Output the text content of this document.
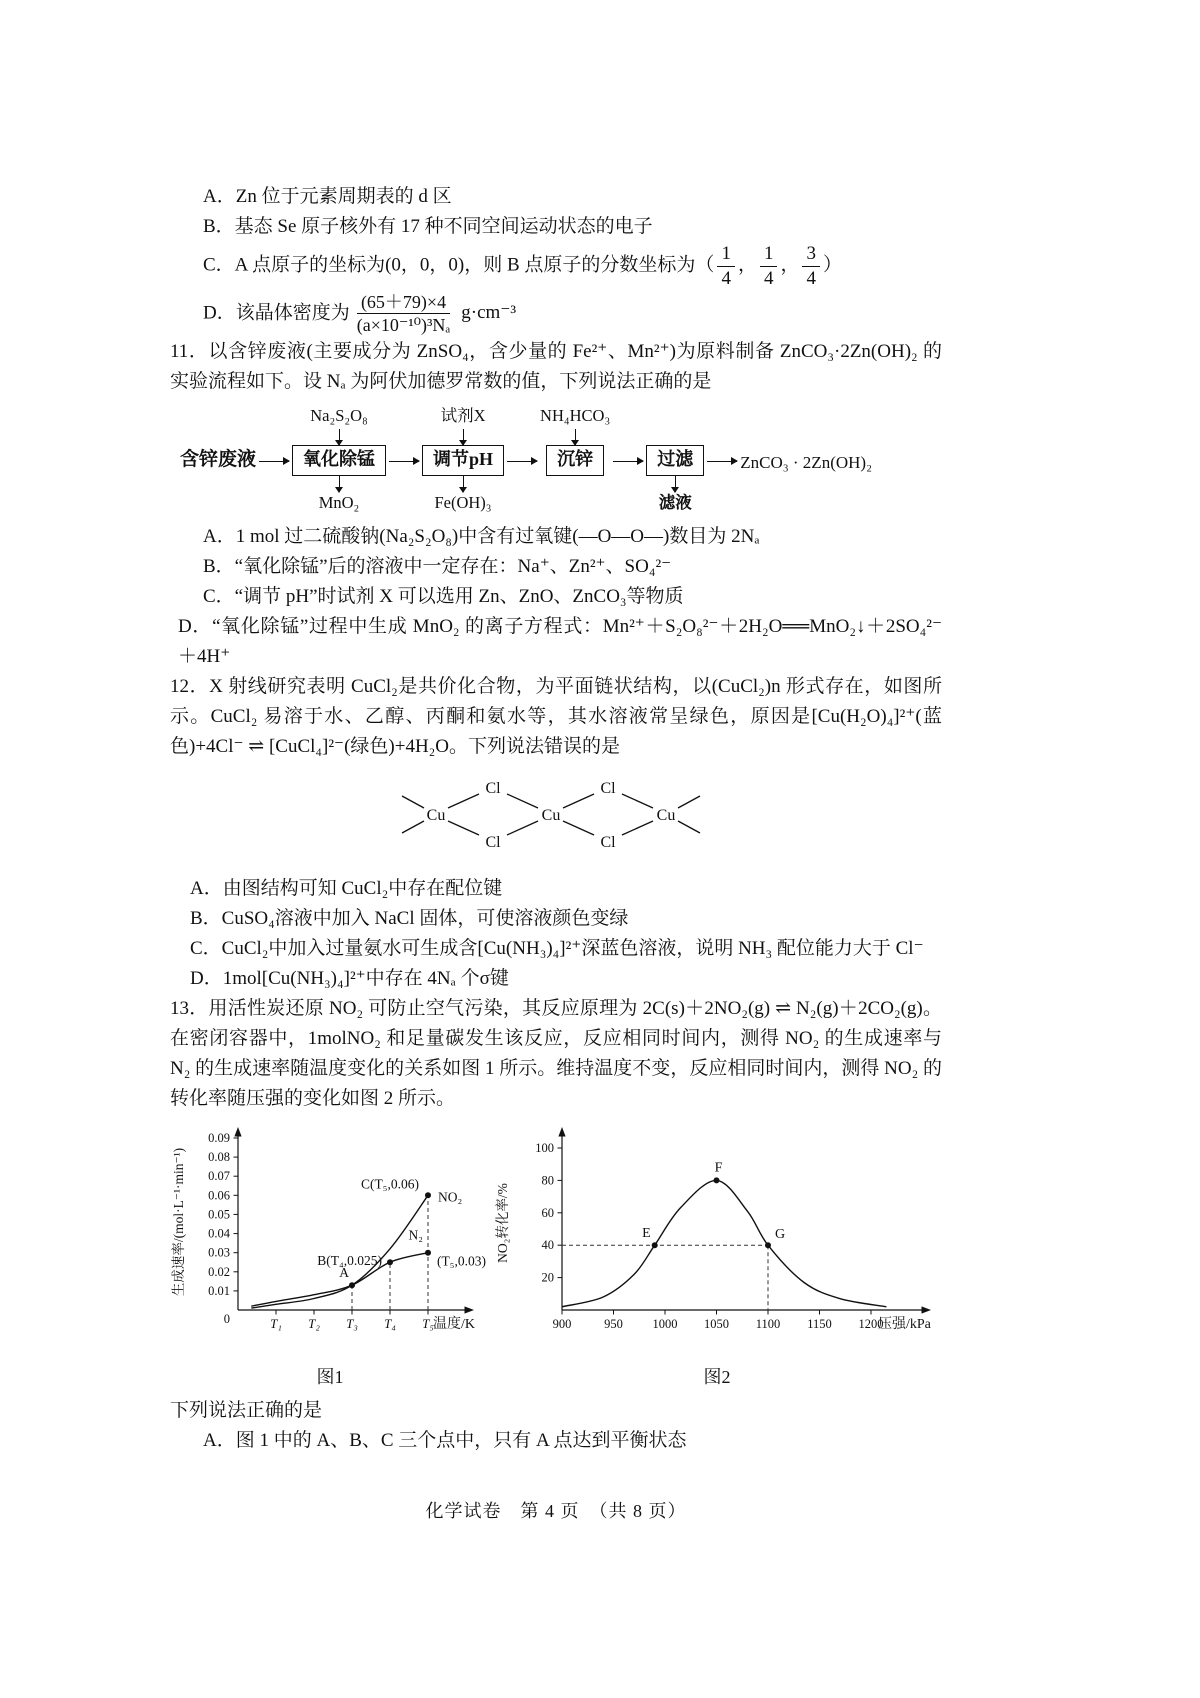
A．Zn 位于元素周期表的 d 区

B．基态 Se 原子核外有 17 种不同空间运动状态的电子

C．A 点原子的坐标为(0，0，0)，则 B 点原子的分数坐标为（ $\frac{1}{4}$ ， $\frac{1}{4}$ ， $\frac{3}{4}$ ）

D．该晶体密度为 $\frac{(65+79)\times 4}{\text{(a×10⁻¹⁰)³Nₐ}} g\cdot cm^{-3}$

11．以含锌废液(主要成分为 ZnSO₄，含少量的 Fe²⁺、Mn²⁺)为原料制备 ZnCO₃·2Zn(OH)₂ 的实验流程如下。设 Nₐ 为阿伏加德罗常数的值，下列说法正确的是

含锌废液
Na₂S₂O₈
氧化除锰
MnO₂
试剂X
调节pH
Fe(OH)₃
NH₄HCO₃
沉锌	过滤
滤液
ZnCO₃ · 2Zn(OH)₂

A．1 mol 过二硫酸钠(Na₂S₂O₈)中含有过氧键(—O—O—)数目为 2Nₐ

B．“氧化除锰”后的溶液中一定存在：Na⁺、Zn²⁺、SO₄²⁻

C．“调节 pH”时试剂 X 可以选用 Zn、ZnO、ZnCO₃等物质

D．“氧化除锰”过程中生成 MnO₂ 的离子方程式：Mn²⁺＋S₂O₈²⁻＋2H₂O══MnO₂↓＋2SO₄²⁻＋4H⁺

12．X 射线研究表明 CuCl₂是共价化合物，为平面链状结构，以(CuCl₂)n 形式存在，如图所示。CuCl₂ 易溶于水、乙醇、丙酮和氨水等，其水溶液常呈绿色，原因是[Cu(H₂O)₄]²⁺(蓝色)+4Cl⁻ ⇌ [CuCl₄]²⁻(绿色)+4H₂O。下列说法错误的是

Cu	Cu	Cu
Cl	Cl
Cl	Cl

A．由图结构可知 CuCl₂中存在配位键

B．CuSO₄溶液中加入 NaCl 固体，可使溶液颜色变绿

C．CuCl₂中加入过量氨水可生成含[Cu(NH₃)₄]²⁺深蓝色溶液，说明 NH₃ 配位能力大于 Cl⁻

D．1mol[Cu(NH₃)₄]²⁺中存在 4Nₐ 个σ键

13．用活性炭还原 NO₂ 可防止空气污染，其反应原理为 2C(s)＋2NO₂(g) ⇌ N₂(g)＋2CO₂(g)。在密闭容器中，1molNO₂ 和足量碳发生该反应，反应相同时间内，测得 NO₂ 的生成速率与 N₂ 的生成速率随温度变化的关系如图 1 所示。维持温度不变，反应相同时间内，测得 NO₂ 的转化率随压强的变化如图 2 所示。

0.01
0.02
0.03
0.04
0.05
0.06
0.07
0.08
0.09
0	T₁ T₂ T₃ T₄ T₅
A
B(T₄,0.025)
C(T₅,0.06)
(T₅,0.03)
NO₂
N₂
生成速率/(mol·L⁻¹·min⁻¹)
温度/K
图1
20
40
60
80
100
900	950 1000 1050 1100 1150 1200
E
F
G
NO₂转化率/%
压强/kPa
图2

下列说法正确的是

A．图 1 中的 A、B、C 三个点中，只有 A 点达到平衡状态

化学试卷　第 4 页　（共 8 页）
